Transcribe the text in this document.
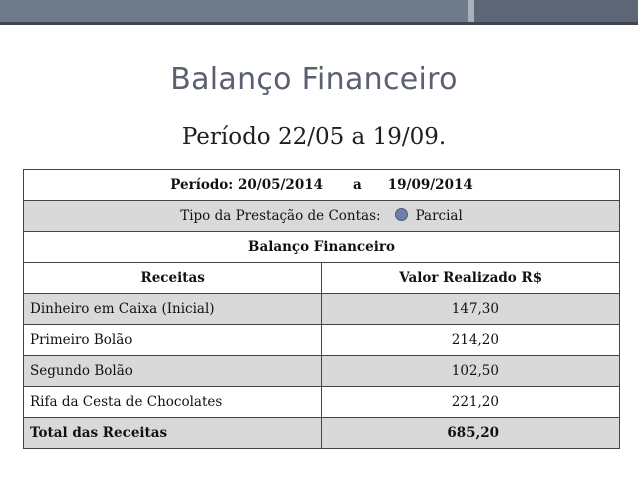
Balanço Financeiro
Período 22/05 a 19/09.
Período: 20/05/2014 a 19/09/2014	
Tipo da Prestação de Contas: Parcial	
Balanço Financeiro	
Receitas	Valor Realizado R$
Dinheiro em Caixa (Inicial)	147,30
Primeiro Bolão	214,20
Segundo Bolão	102,50
Rifa da Cesta de Chocolates	221,20
Total das Receitas	685,20
